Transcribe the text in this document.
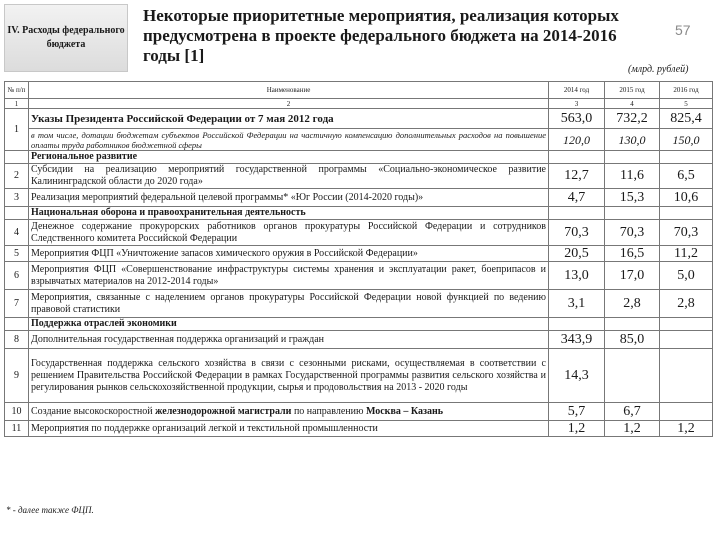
IV. Расходы федерального бюджета
Некоторые приоритетные мероприятия, реализация которых предусмотрена в проекте федерального бюджета на 2014-2016 годы [1]
57
(млрд. рублей)
№ п/п	Наименование	2014 год	2015 год	2016 год
1	2	3	4	5
1	Указы Президента Российской Федерации от 7 мая 2012 года	563,0	732,2	825,4
	в том числе, дотации бюджетам субъектов Российской Федерации на частичную компенсацию дополнительных расходов на повышение оплаты труда работников бюджетной сферы	120,0	130,0	150,0
	Региональное развитие			
2	Субсидии на реализацию мероприятий государственной программы «Социально-экономическое развитие Калининградской области до 2020 года»	12,7	11,6	6,5
3	Реализация мероприятий федеральной целевой программы* «Юг России (2014-2020 годы)»	4,7	15,3	10,6
	Национальная оборона и правоохранительная деятельность			
4	Денежное содержание прокурорских работников органов прокуратуры Российской Федерации и сотрудников Следственного комитета Российской Федерации	70,3	70,3	70,3
5	Мероприятия ФЦП «Уничтожение запасов химического оружия в Российской Федерации»	20,5	16,5	11,2
6	Мероприятия ФЦП «Совершенствование инфраструктуры системы хранения и эксплуатации ракет, боеприпасов и взрывчатых материалов на 2012-2014 годы»	13,0	17,0	5,0
7	Мероприятия, связанные с наделением органов прокуратуры Российской Федерации новой функцией по ведению правовой статистики	3,1	2,8	2,8
	Поддержка отраслей экономики			
8	Дополнительная государственная поддержка организаций и граждан	343,9	85,0	
9	Государственная поддержка сельского хозяйства в связи с сезонными рисками, осуществляемая в соответствии с решением Правительства Российской Федерации в рамках Государственной программы развития сельского хозяйства и регулирования рынков сельскохозяйственной продукции, сырья и продовольствия на 2013 - 2020 годы	14,3		
10	Создание высокоскоростной железнодорожной магистрали по направлению Москва – Казань	5,7	6,7	
11	Мероприятия по поддержке организаций легкой и текстильной промышленности	1,2	1,2	1,2
* - далее также ФЦП.
